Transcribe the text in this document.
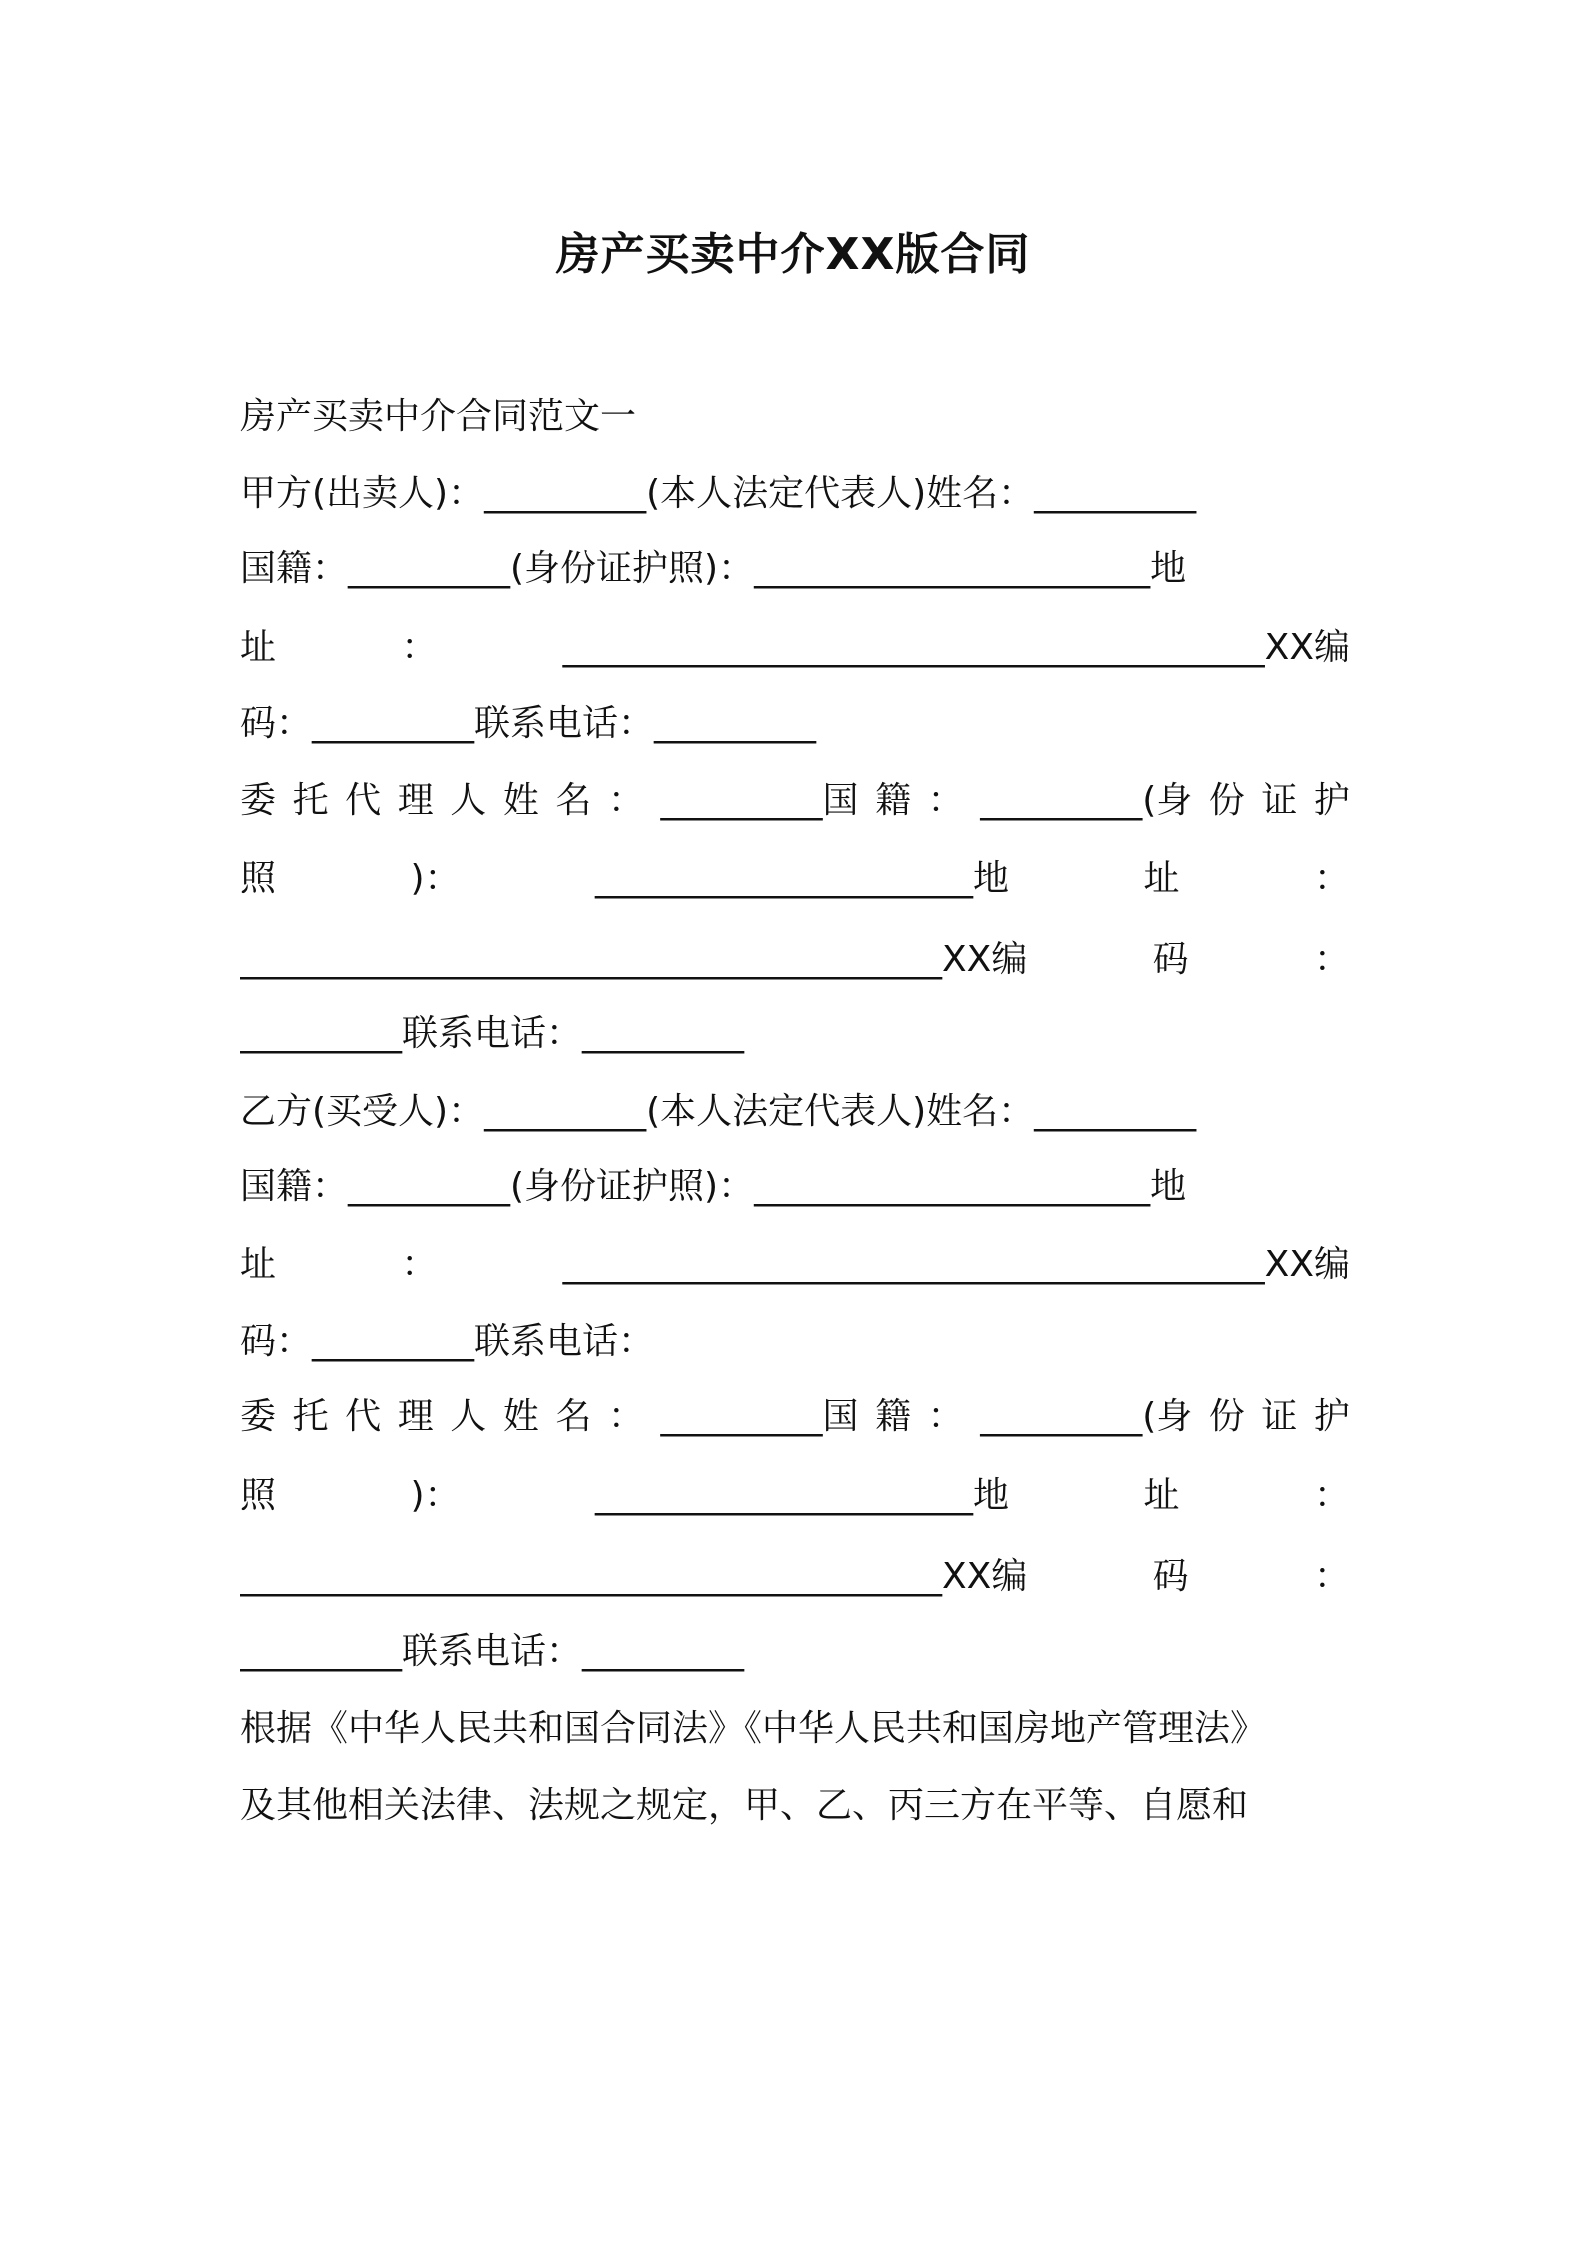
房产买卖中介XX版合同
房产买卖中介合同范文一
甲方(出卖人)：_________(本人法定代表人)姓名：_________
国籍：_________(身份证护照)：______________________地
址	：	_______________________________________XX编
码：_________联系电话：_________
委 托 代 理 人 姓 名 ： _________国 籍 ： _________(身 份 证 护
照	)：	_____________________地	址	：
_______________________________________XX编	码	：
_________联系电话：_________
乙方(买受人)：_________(本人法定代表人)姓名：_________
国籍：_________(身份证护照)：______________________地
址	：	_______________________________________XX编
码：_________联系电话：
委 托 代 理 人 姓 名 ： _________国 籍 ： _________(身 份 证 护
照	)：	_____________________地	址	：
_______________________________________XX编	码	：
_________联系电话：_________
根据《中华人民共和国合同法》《中华人民共和国房地产管理法》
及其他相关法律、法规之规定，甲、乙、丙三方在平等、自愿和
